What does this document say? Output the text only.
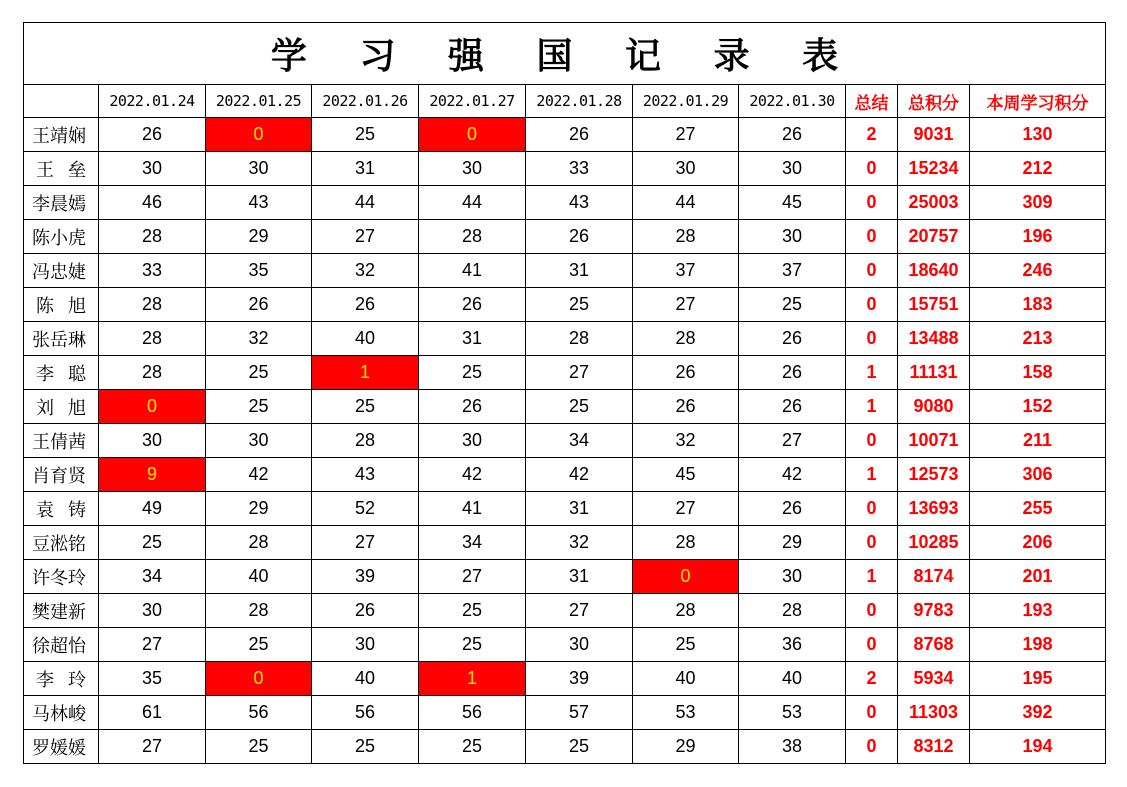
学 习 强 国 记 录 表										
	2022.01.24	2022.01.25	2022.01.26	2022.01.27	2022.01.28	2022.01.29	2022.01.30	总结	总积分	本周学习积分

王靖娴	26	0	25	0	26	27	26	2	9031	130

王 垒	30	30	31	30	33	30	30	0	15234	212

李晨嫣	46	43	44	44	43	44	45	0	25003	309

陈小虎	28	29	27	28	26	28	30	0	20757	196

冯忠婕	33	35	32	41	31	37	37	0	18640	246

陈 旭	28	26	26	26	25	27	25	0	15751	183

张岳琳	28	32	40	31	28	28	26	0	13488	213

李 聪	28	25	1	25	27	26	26	1	11131	158

刘 旭	0	25	25	26	25	26	26	1	9080	152

王倩茜	30	30	28	30	34	32	27	0	10071	211

肖育贤	9	42	43	42	42	45	42	1	12573	306

袁 铸	49	29	52	41	31	27	26	0	13693	255

豆淞铭	25	28	27	34	32	28	29	0	10285	206

许冬玲	34	40	39	27	31	0	30	1	8174	201

樊建新	30	28	26	25	27	28	28	0	9783	193

徐超怡	27	25	30	25	30	25	36	0	8768	198

李 玲	35	0	40	1	39	40	40	2	5934	195

马林峻	61	56	56	56	57	53	53	0	11303	392

罗媛媛	27	25	25	25	25	29	38	0	8312	194
